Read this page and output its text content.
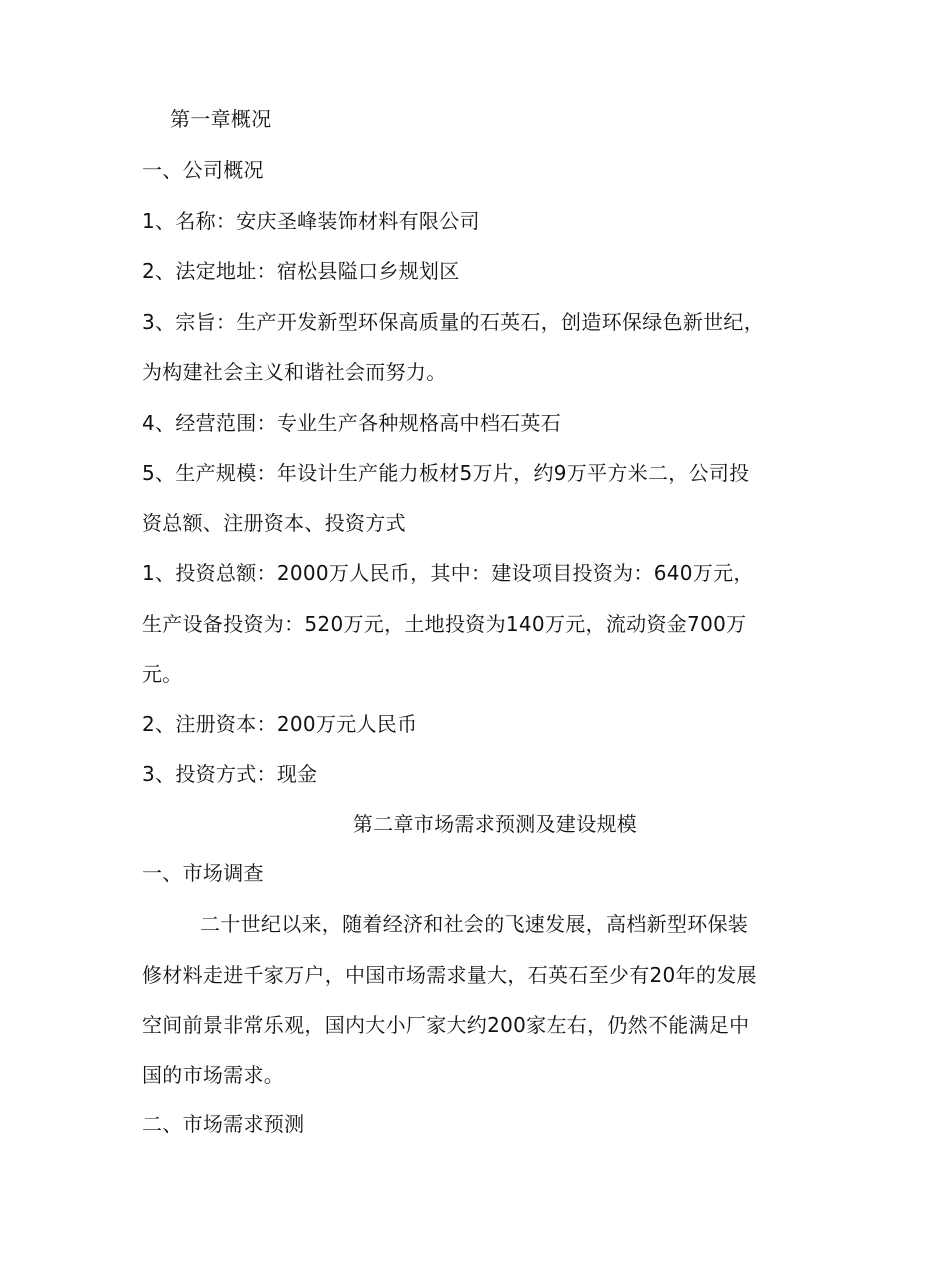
第一章概况
一、公司概况
1、名称：安庆圣峰装饰材料有限公司
2、法定地址：宿松县隘口乡规划区
3、宗旨：生产开发新型环保高质量的石英石，创造环保绿色新世纪，
为构建社会主义和谐社会而努力。
4、经营范围：专业生产各种规格高中档石英石
5、生产规模：年设计生产能力板材5万片，约9万平方米二，公司投
资总额、注册资本、投资方式
1、投资总额：2000万人民币，其中：建设项目投资为：640万元，
生产设备投资为：520万元，土地投资为140万元，流动资金700万
元。
2、注册资本：200万元人民币
3、投资方式：现金
第二章市场需求预测及建设规模
一、市场调查
二十世纪以来，随着经济和社会的飞速发展，高档新型环保装
修材料走进千家万户，中国市场需求量大，石英石至少有20年的发展
空间前景非常乐观，国内大小厂家大约200家左右，仍然不能满足中
国的市场需求。
二、市场需求预测
